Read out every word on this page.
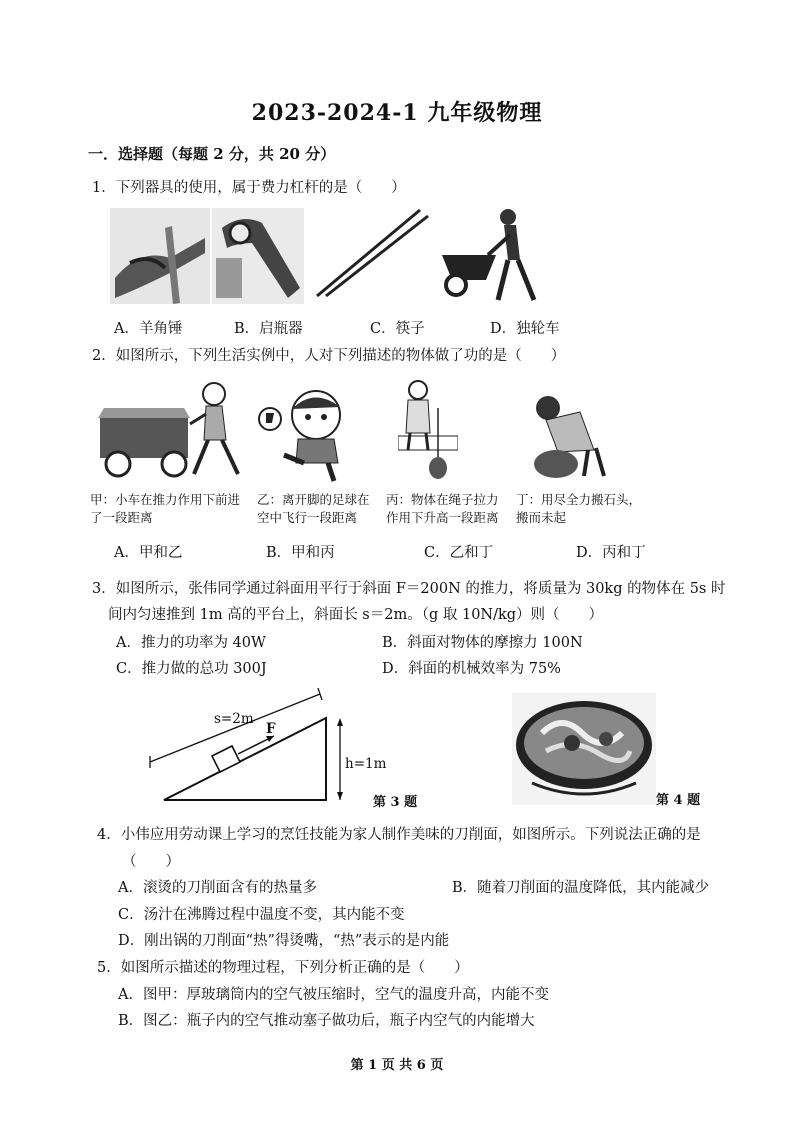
2023-2024-1 九年级物理
一．选择题（每题 2 分，共 20 分）
1．下列器具的使用，属于费力杠杆的是（　　）
A．羊角锤	B．启瓶器	C．筷子	D．独轮车
2．如图所示，下列生活实例中，人对下列描述的物体做了功的是（　　）
甲：小车在推力作用下前进了一段距离
乙：离开脚的足球在空中飞行一段距离
丙：物体在绳子拉力作用下升高一段距离
丁：用尽全力搬石头，搬而未起
A．甲和乙	B．甲和丙	C．乙和丁	D．丙和丁
3．如图所示，张伟同学通过斜面用平行于斜面 F＝200N 的推力，将质量为 30kg 的物体在 5s 时
间内匀速推到 1m 高的平台上，斜面长 s＝2m。（g 取 10N/kg）则（　　）
A．推力的功率为 40W	B．斜面对物体的摩擦力 100N
C．推力做的总功 300J	D．斜面的机械效率为 75%
s=2m
F
h=1m
第 3 题	第 4 题
4．小伟应用劳动课上学习的烹饪技能为家人制作美味的刀削面，如图所示。下列说法正确的是
（　　）
A．滚烫的刀削面含有的热量多	B．随着刀削面的温度降低，其内能减少
C．汤汁在沸腾过程中温度不变，其内能不变
D．刚出锅的刀削面“热”得烫嘴，“热”表示的是内能
5．如图所示描述的物理过程，下列分析正确的是（　　）
A．图甲：厚玻璃筒内的空气被压缩时，空气的温度升高，内能不变
B．图乙：瓶子内的空气推动塞子做功后，瓶子内空气的内能增大
第 1 页 共 6 页
